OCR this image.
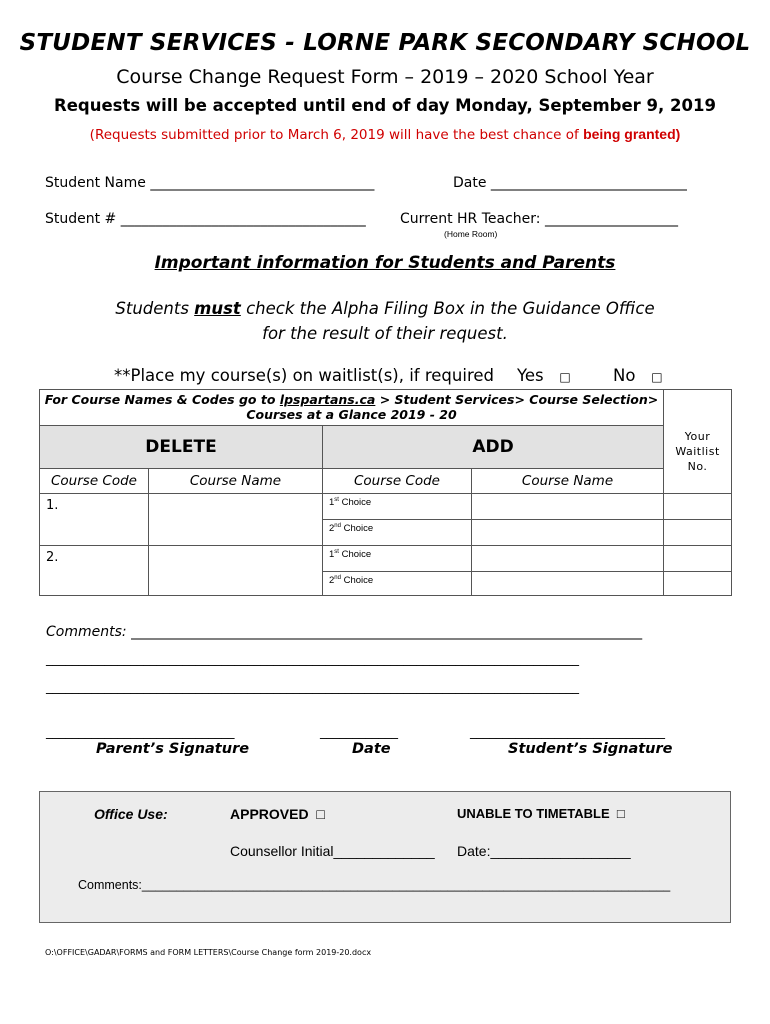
STUDENT SERVICES - LORNE PARK SECONDARY SCHOOL
Course Change Request Form – 2019 – 2020 School Year
Requests will be accepted until end of day Monday, September 9, 2019
(Requests submitted prior to March 6, 2019 will have the best chance of being granted)
Student Name ________________________________	Date ____________________________
Student # ___________________________________ Current HR Teacher: ___________________
(Home Room)
Important information for Students and Parents
Students must check the Alpha Filing Box in the Guidance Office
for the result of their request.
**Place my course(s) on waitlist(s), if required Yes □	No □
For Course Names & Codes go to lpspartans.ca > Student Services> Course Selection>
Courses at a Glance 2019 - 20				Your
Waitlist
No.

DELETE		ADD		
Course Code	Course Name	Course Code	Course Name	
1.		1st Choice		
		2nd Choice		
2.		1st Choice		
		2nd Choice		
Comments: _________________________________________________________________________
__________________________________________________________________________________
__________________________________________________________________________________
_____________________________
Parent’s Signature
____________
Date
______________________________
Student’s Signature
Office Use:	APPROVED □	UNABLE TO TIMETABLE □
Counsellor Initial_____________ Date:__________________
Comments:____________________________________________________________________________
O:\OFFICE\GADAR\FORMS and FORM LETTERS\Course Change form 2019-20.docx
